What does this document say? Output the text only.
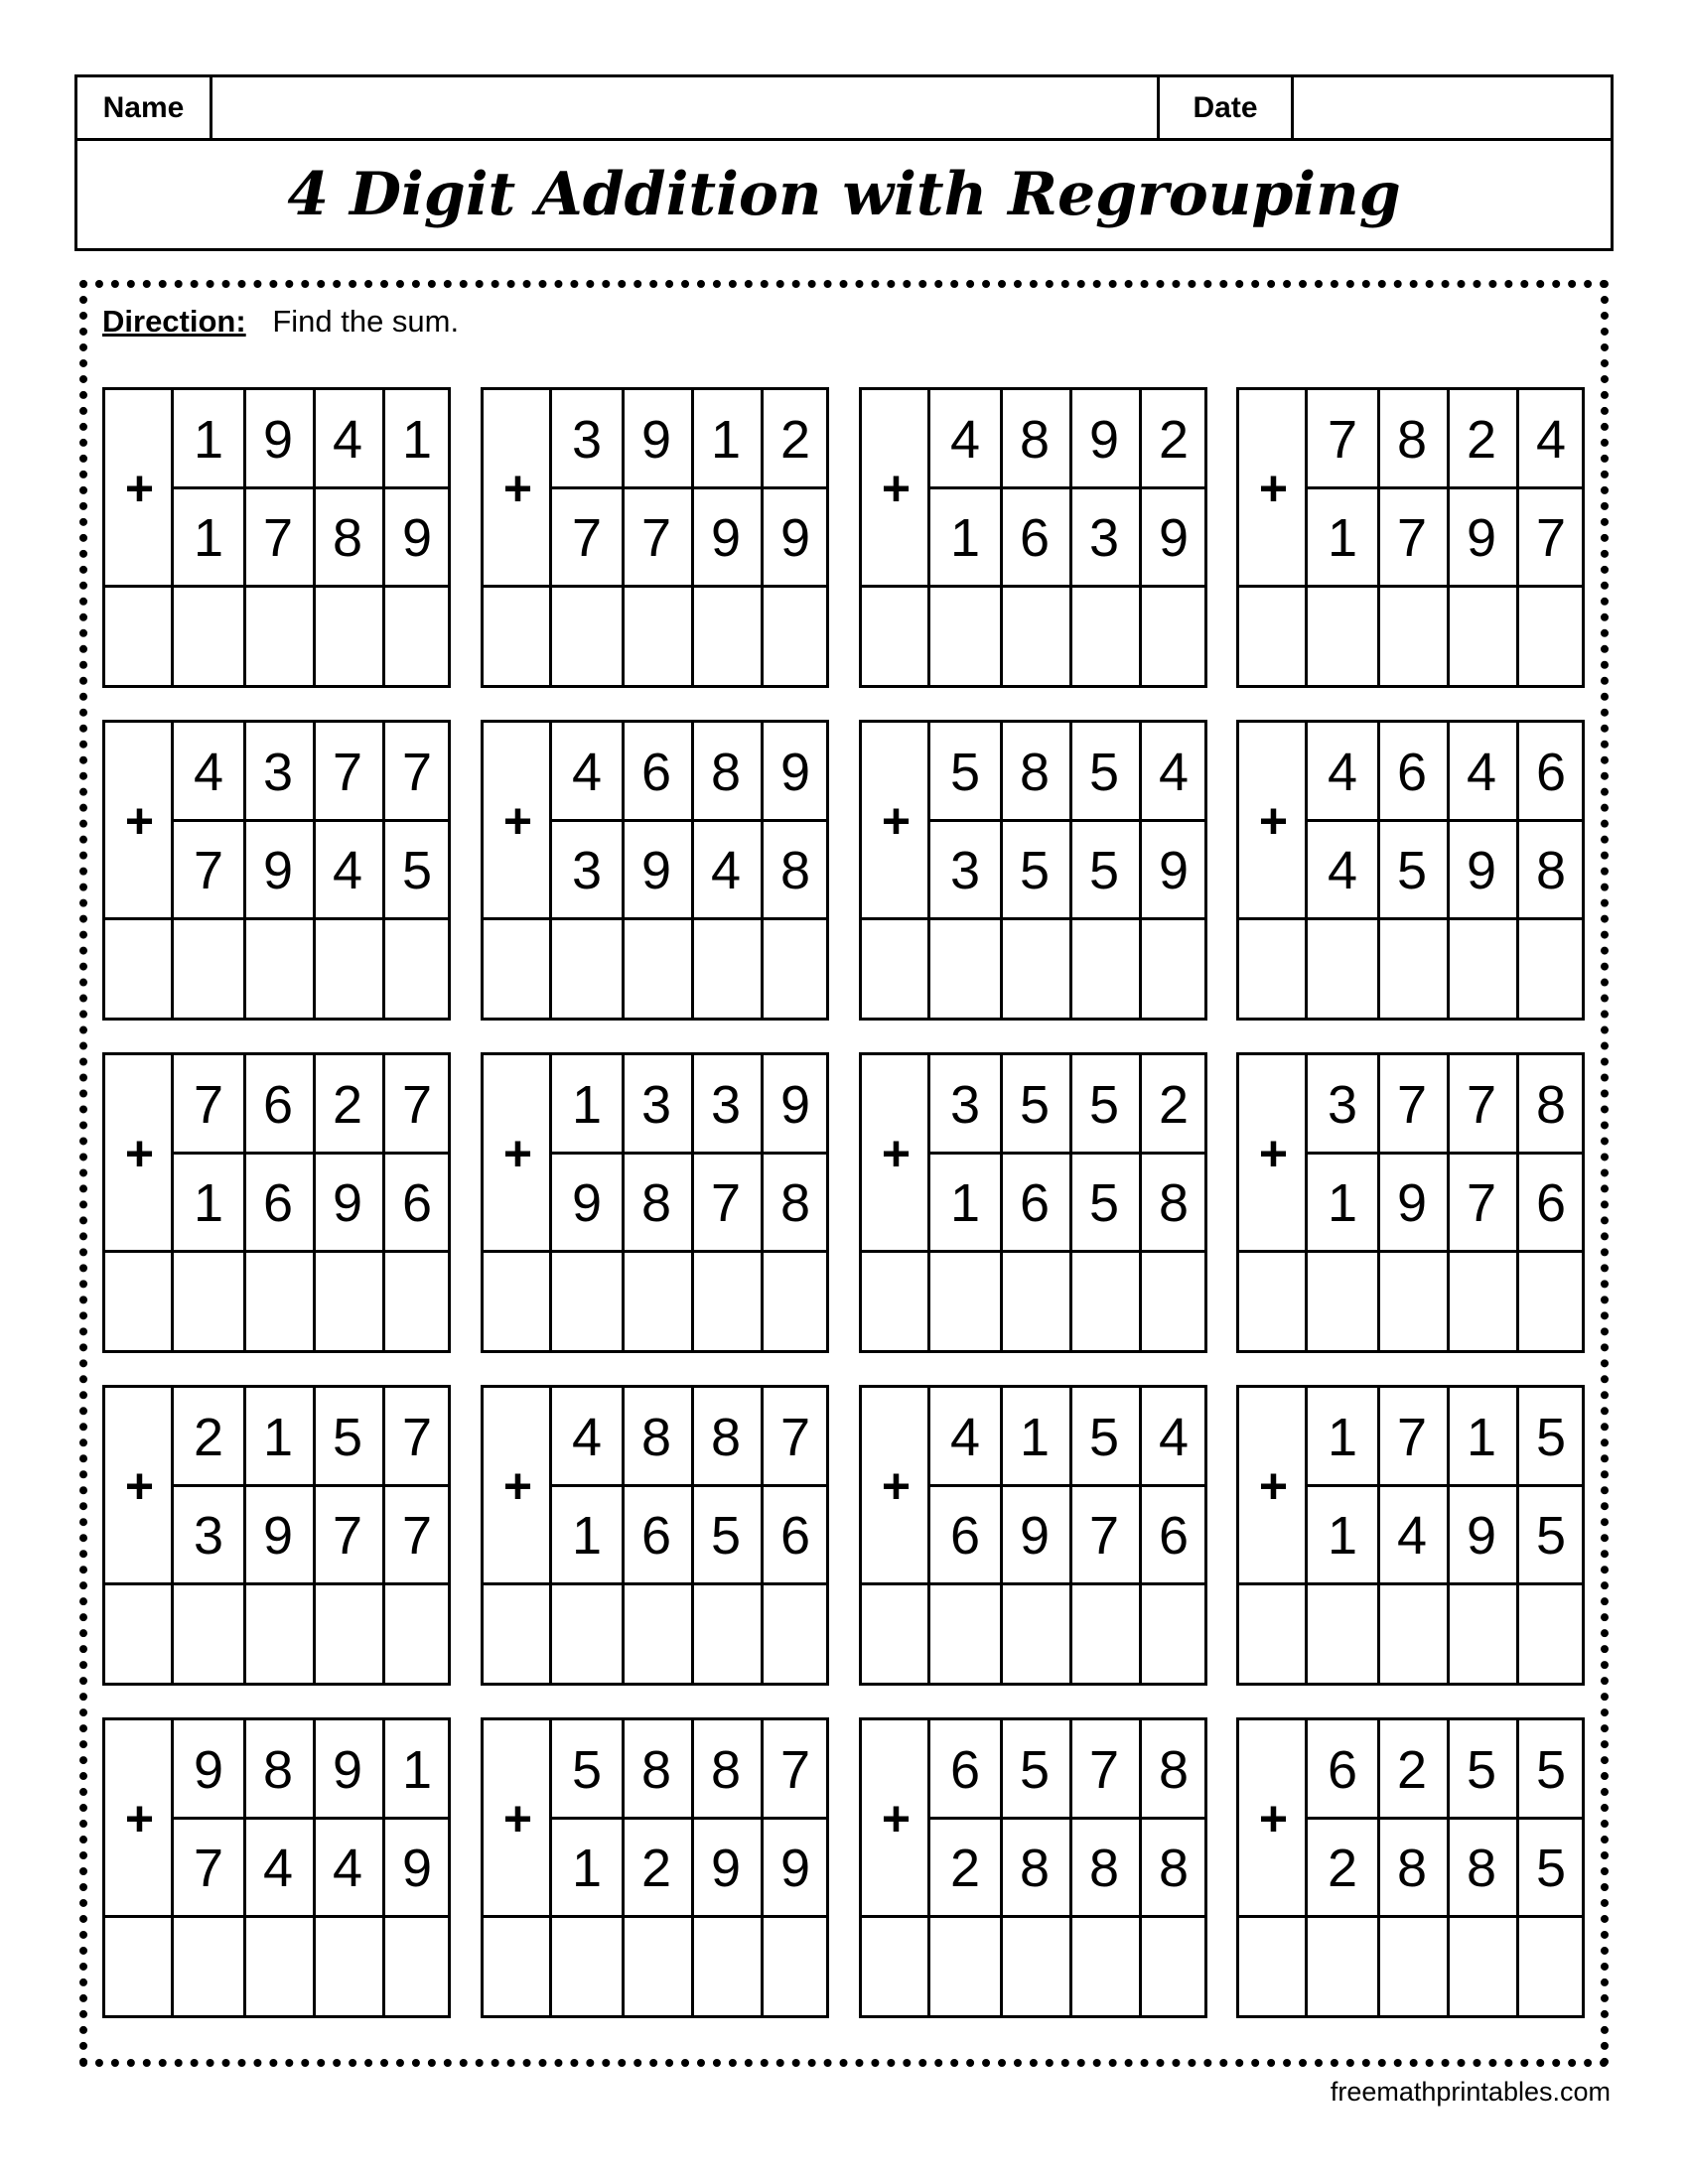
Name	Date
4 Digit Addition with Regrouping
Direction: Find the sum.
+
1 9 4 1
1 7 8 9
+
3 9 1 2
7 7 9 9
+
4 8 9 2
1 6 3 9
+
7 8 2 4
1 7 9 7
+
4 3 7 7
7 9 4 5
+
4 6 8 9
3 9 4 8
+
5 8 5 4
3 5 5 9
+
4 6 4 6
4 5 9 8
+
7 6 2 7
1 6 9 6
+
1 3 3 9
9 8 7 8
+
3 5 5 2
1 6 5 8
+
3 7 7 8
1 9 7 6
+
2 1 5 7
3 9 7 7
+
4 8 8 7
1 6 5 6
+
4 1 5 4
6 9 7 6
+
1 7 1 5
1 4 9 5
+
9 8 9 1
7 4 4 9
+
5 8 8 7
1 2 9 9
+
6 5 7 8
2 8 8 8
+
6 2 5 5
2 8 8 5
freemathprintables.com
